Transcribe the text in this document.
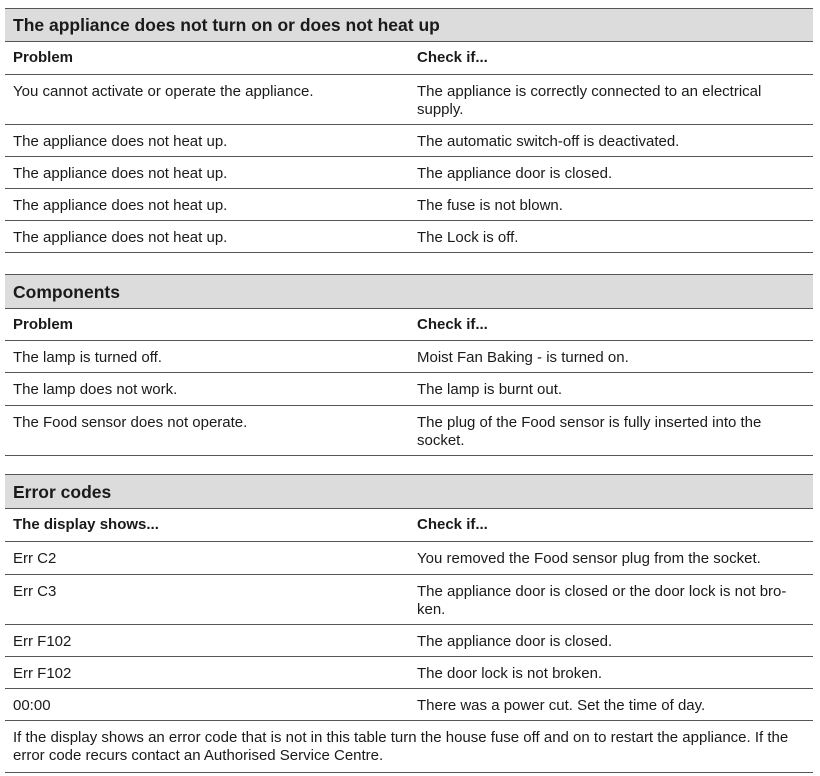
The appliance does not turn on or does not heat up	
Problem	Check if...
You cannot activate or operate the appliance.	The appliance is correctly connected to an electrical supply.
The appliance does not heat up.	The automatic switch-off is deactivated.
The appliance does not heat up.	The appliance door is closed.
The appliance does not heat up.	The fuse is not blown.
The appliance does not heat up.	The Lock is off.
Components	
Problem	Check if...
The lamp is turned off.	Moist Fan Baking - is turned on.
The lamp does not work.	The lamp is burnt out.
The Food sensor does not operate.	The plug of the Food sensor is fully inserted into the socket.
Error codes	
The display shows...	Check if...
Err C2	You removed the Food sensor plug from the socket.
Err C3	The appliance door is closed or the door lock is not bro-ken.
Err F102	The appliance door is closed.
Err F102	The door lock is not broken.
00:00	There was a power cut. Set the time of day.
If the display shows an error code that is not in this table turn the house fuse off and on to restart the appliance. If the error code recurs contact an Authorised Service Centre.
